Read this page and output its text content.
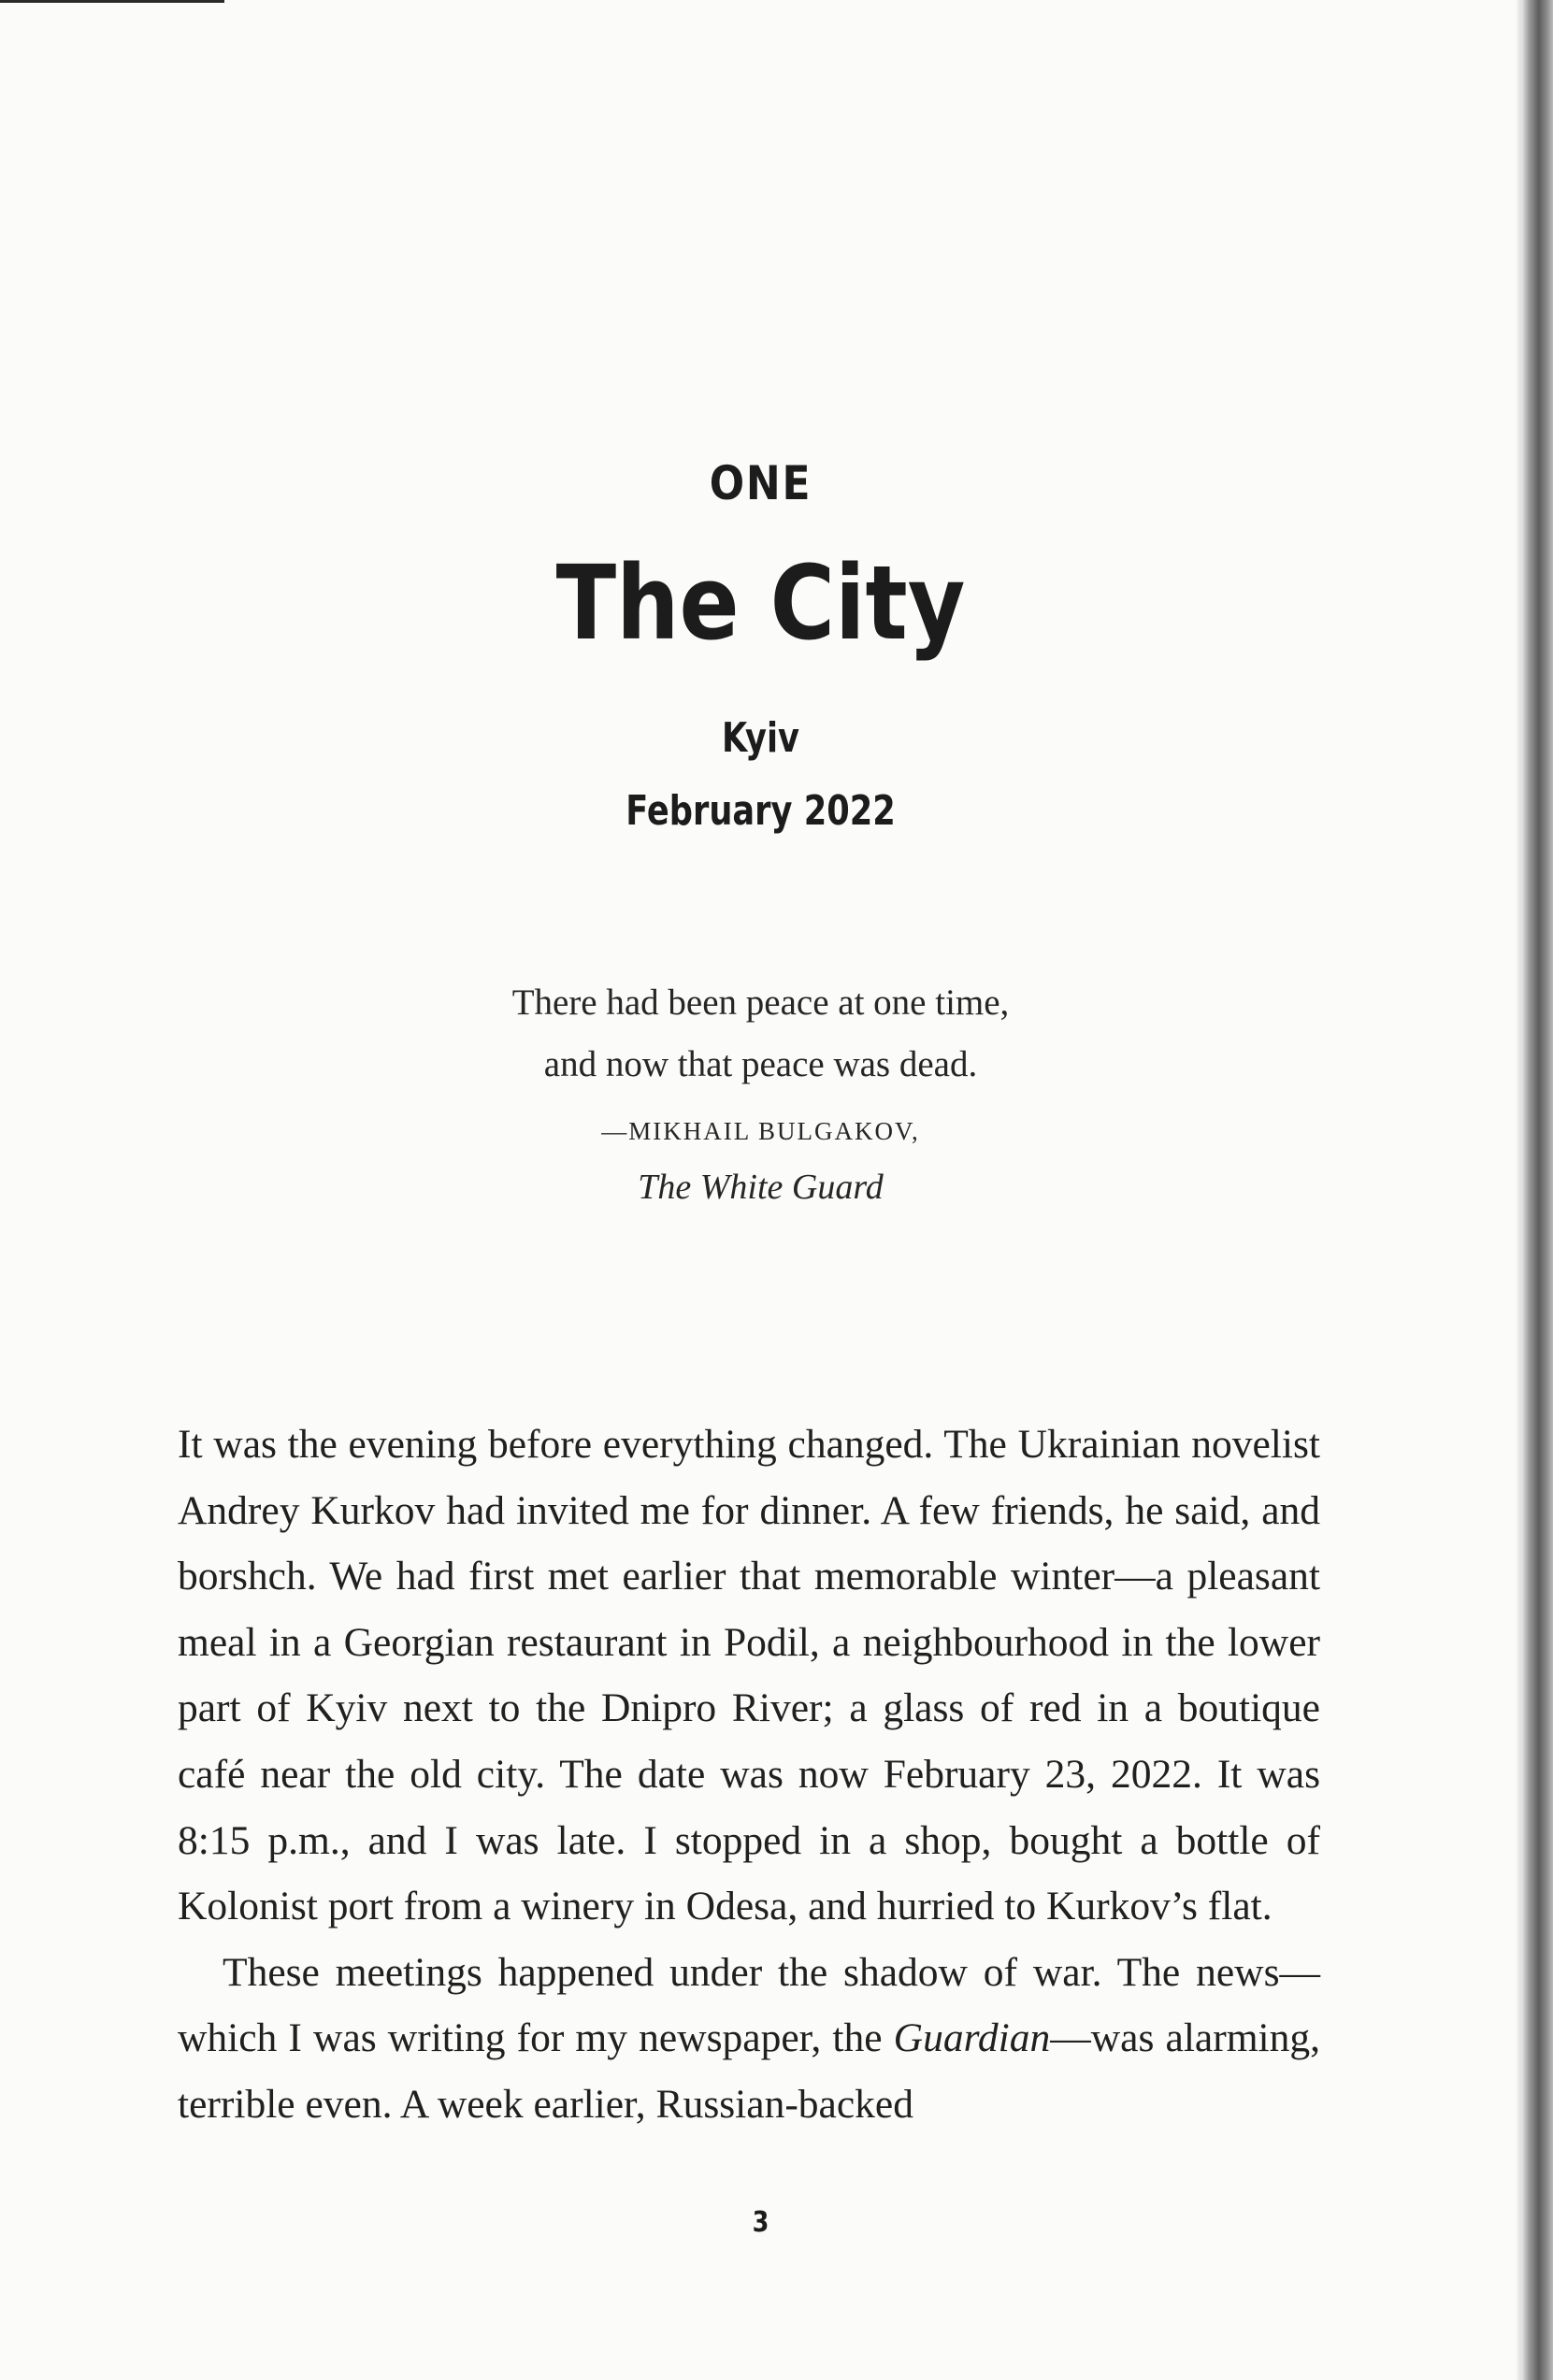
ONE
The City
Kyiv
February 2022
There had been peace at one time,
and now that peace was dead.
—MIKHAIL BULGAKOV,
The White Guard

It was the evening before everything changed. The Ukrainian novelist Andrey Kurkov had invited me for dinner. A few friends, he said, and borshch. We had first met earlier that memorable winter—a pleasant meal in a Georgian restaurant in Podil, a neighbourhood in the lower part of Kyiv next to the Dnipro River; a glass of red in a boutique café near the old city. The date was now February 23, 2022. It was 8:15 p.m., and I was late. I stopped in a shop, bought a bottle of Kolonist port from a winery in Odesa, and hurried to Kurkov’s flat.

These meetings happened under the shadow of war. The news—which I was writing for my newspaper, the Guardian—was alarming, terrible even. A week earlier, Russian-backed

3
